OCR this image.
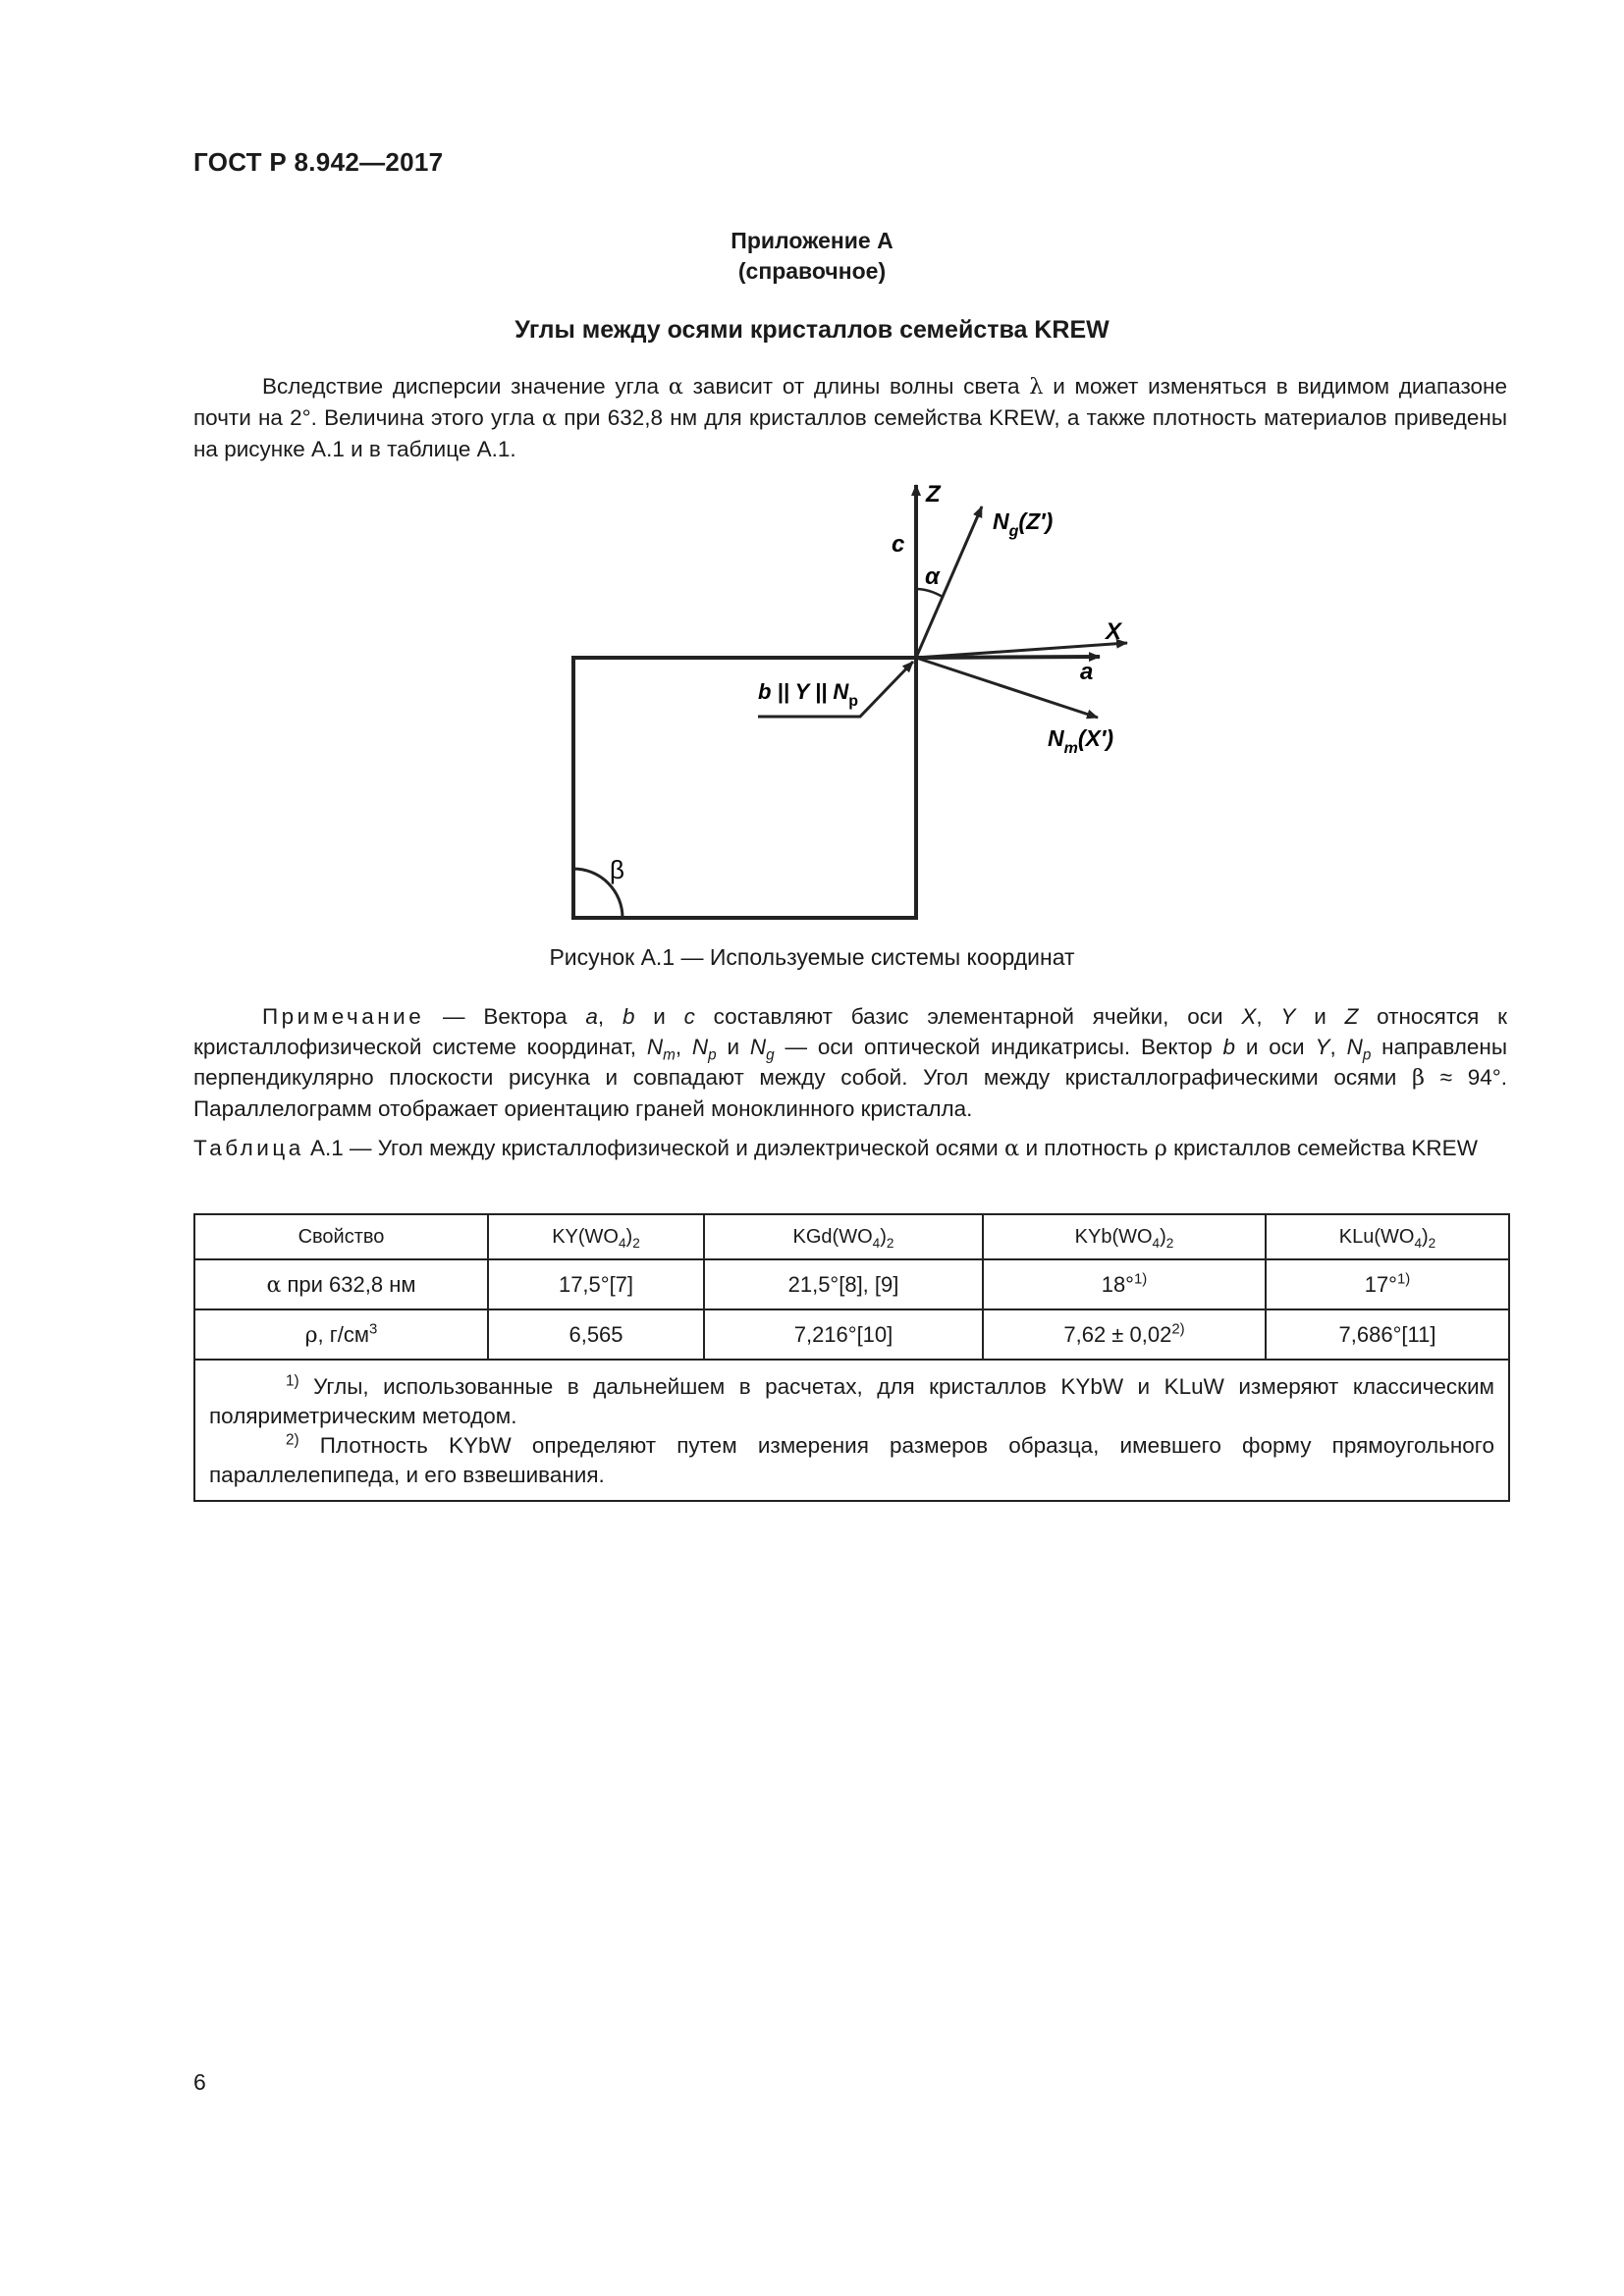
ГОСТ Р 8.942—2017
Приложение А
(справочное)
Углы между осями кристаллов семейства KREW

Вследствие дисперсии значение угла α зависит от длины волны света λ и может изменяться в видимом диапазоне почти на 2°. Величина этого угла α при 632,8 нм для кристаллов семейства KREW, а также плотность материалов приведены на рисунке А.1 и в таблице А.1.

Z
c
α
$N_g(Z')$
X
a
$N_m(X')$
b || Y || $N_p$
β
Рисунок А.1 — Используемые системы координат

Примечание — Вектора a, b и c составляют базис элементарной ячейки, оси X, Y и Z относятся к кристаллофизической системе координат, $N_m$, $N_p$ и $N_g$ — оси оптической индикатрисы. Вектор b и оси Y, $N_p$ направлены перпендикулярно плоскости рисунка и совпадают между собой. Угол между кристаллографическими осями β ≈ 94°. Параллелограмм отображает ориентацию граней моноклинного кристалла.

Таблица А.1 — Угол между кристаллофизической и диэлектрической осями α и плотность ρ кристаллов семейства KREW

Свойство	$KY(WO_4)_2$	$KGd(WO_4)_2$	$KYb(WO_4)_2$	$KLu(WO_4)_2$
α при 632,8 нм	17,5°[7]	21,5°[8], [9]	18°$^{1)}$	17°$^{1)}$
ρ, $г/см^3$	6,565	7,216°[10]	$7,62 \pm 0,02^{2)}$	7,686°[11]

$^{1)}$ Углы, использованные в дальнейшем в расчетах, для кристаллов KYbW и KLuW измеряют классическим поляриметрическим методом.

$^{2)}$ Плотность KYbW определяют путем измерения размеров образца, имевшего форму прямоугольного параллелепипеда, и его взвешивания.				

6
